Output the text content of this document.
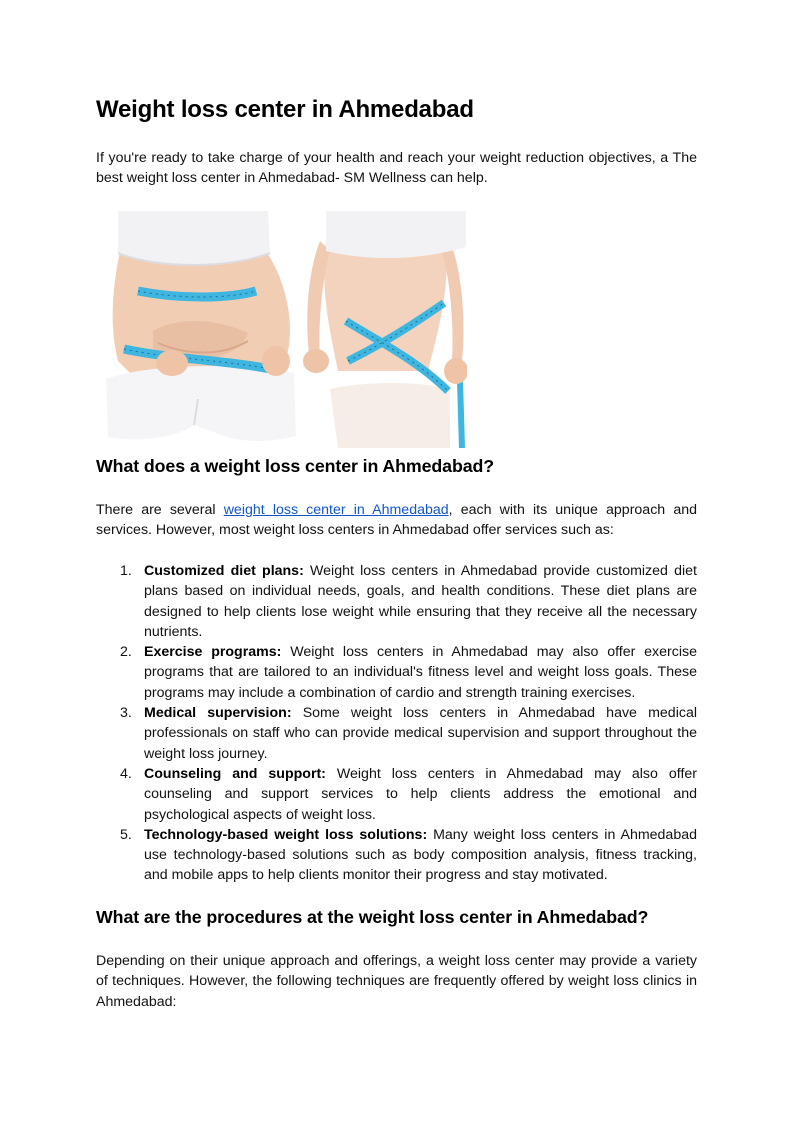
Weight loss center in Ahmedabad

If you're ready to take charge of your health and reach your weight reduction objectives, a The best weight loss center in Ahmedabad- SM Wellness can help.

What does a weight loss center in Ahmedabad?

There are several weight loss center in Ahmedabad, each with its unique approach and services. However, most weight loss centers in Ahmedabad offer services such as:

1. Customized diet plans: Weight loss centers in Ahmedabad provide customized diet plans based on individual needs, goals, and health conditions. These diet plans are designed to help clients lose weight while ensuring that they receive all the necessary nutrients.
2. Exercise programs: Weight loss centers in Ahmedabad may also offer exercise programs that are tailored to an individual's fitness level and weight loss goals. These programs may include a combination of cardio and strength training exercises.
3. Medical supervision: Some weight loss centers in Ahmedabad have medical professionals on staff who can provide medical supervision and support throughout the weight loss journey.
4. Counseling and support: Weight loss centers in Ahmedabad may also offer counseling and support services to help clients address the emotional and psychological aspects of weight loss.
5. Technology-based weight loss solutions: Many weight loss centers in Ahmedabad use technology-based solutions such as body composition analysis, fitness tracking, and mobile apps to help clients monitor their progress and stay motivated.
What are the procedures at the weight loss center in Ahmedabad?

Depending on their unique approach and offerings, a weight loss center may provide a variety of techniques. However, the following techniques are frequently offered by weight loss clinics in Ahmedabad:
